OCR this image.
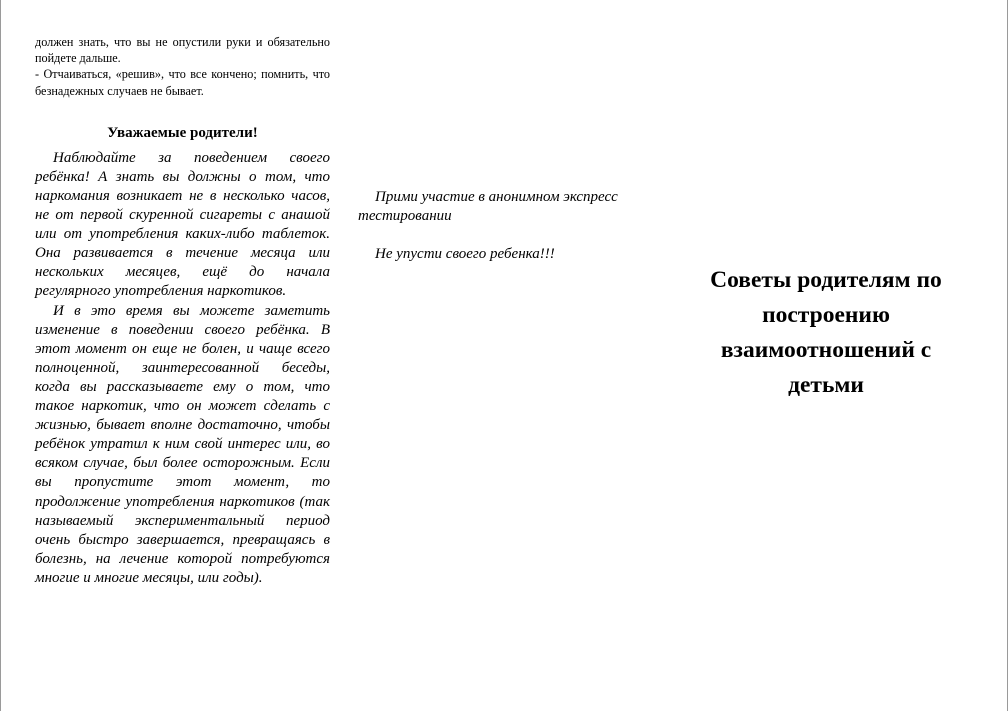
должен знать, что вы не опустили руки и обязательно пойдете дальше.

- Отчаиваться, «решив», что все кончено; помнить, что безнадежных случаев не бывает.

Уважаемые родители!

Наблюдайте за поведением своего ребёнка! А знать вы должны о том, что наркомания возникает не в несколько часов, не от первой скуренной сигареты с анашой или от употребления каких-либо таблеток. Она развивается в течение месяца или нескольких месяцев, ещё до начала регулярного употребления наркотиков.

И в это время вы можете заметить изменение в поведении своего ребёнка. В этот момент он еще не болен, и чаще всего полноценной, заинтересованной беседы, когда вы рассказываете ему о том, что такое наркотик, что он может сделать с жизнью, бывает вполне достаточно, чтобы ребёнок утратил к ним свой интерес или, во всяком случае, был более осторожным. Если вы пропустите этот момент, то продолжение употребления наркотиков (так называемый экспериментальный период очень быстро завершается, превращаясь в болезнь, на лечение которой потребуются многие и многие месяцы, или годы).

Прими участие в анонимном экспресс тестировании

Не упусти своего ребенка!!!

Советы родителям по построению взаимоотношений с детьми
